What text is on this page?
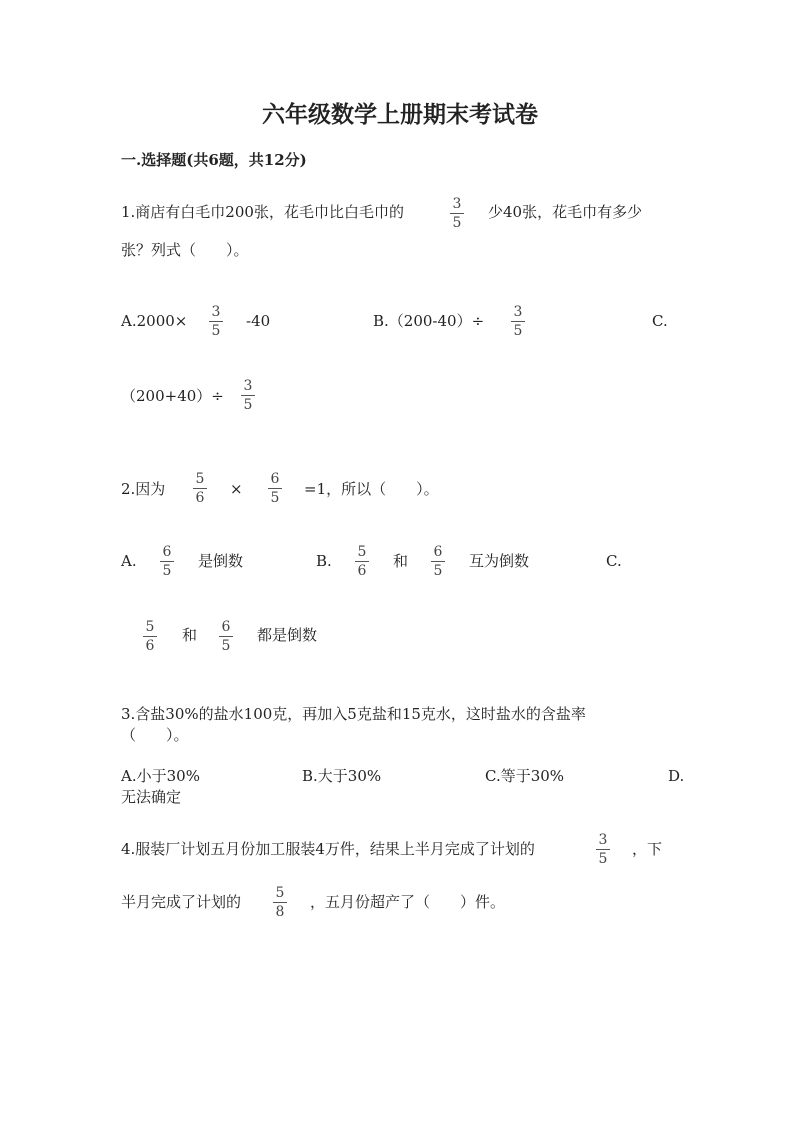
六年级数学上册期末考试卷
一.选择题(共6题，共12分)
1.商店有白毛巾200张，花毛巾比白毛巾的	3
5
少40张，花毛巾有多少
张？列式（　　）。
A.2000×	3
5
-40	B.（200-40）÷	3
5
C.
（200+40）÷
3
5
2.因为
5
6	×
6
5	=1，所以（　　）。
A.	6
5
是倒数	B.	5
6
和	6
5
互为倒数	C.
5
6
和	6
5
都是倒数
3.含盐30%的盐水100克，再加入5克盐和15克水，这时盐水的含盐率
（　　）。
A.小于30%	B.大于30%	C.等于30%	D.
无法确定
4.服装厂计划五月份加工服装4万件，结果上半月完成了计划的	3
5
，下
半月完成了计划的	5
8
，五月份超产了（　　）件。
